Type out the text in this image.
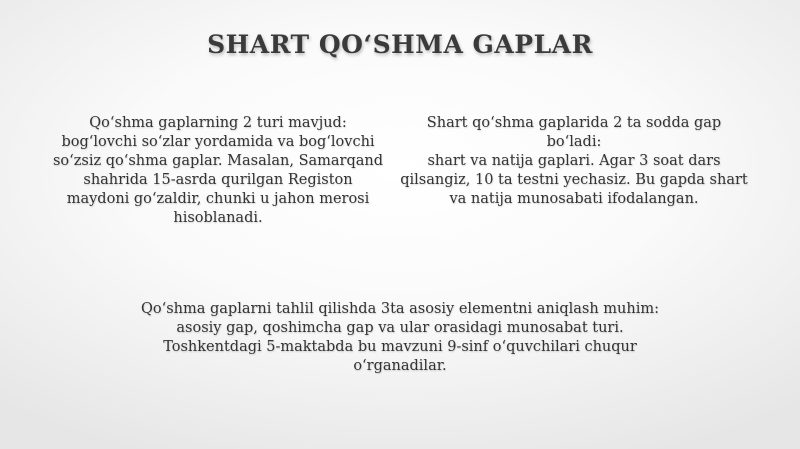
SHART QO‘SHMA GAPLAR

Qo‘shma gaplarning 2 turi mavjud:
bog‘lovchi so‘zlar yordamida va bog‘lovchi
so‘zsiz qo‘shma gaplar. Masalan, Samarqand
shahrida 15-asrda qurilgan Registon
maydoni go‘zaldir, chunki u jahon merosi
hisoblanadi.

Shart qo‘shma gaplarida 2 ta sodda gap bo‘ladi:
shart va natija gaplari. Agar 3 soat dars
qilsangiz, 10 ta testni yechasiz. Bu gapda shart
va natija munosabati ifodalangan.

Qo‘shma gaplarni tahlil qilishda 3ta asosiy elementni aniqlash muhim:
asosiy gap, qoshimcha gap va ular orasidagi munosabat turi.
Toshkentdagi 5-maktabda bu mavzuni 9-sinf o‘quvchilari chuqur
o‘rganadilar.
